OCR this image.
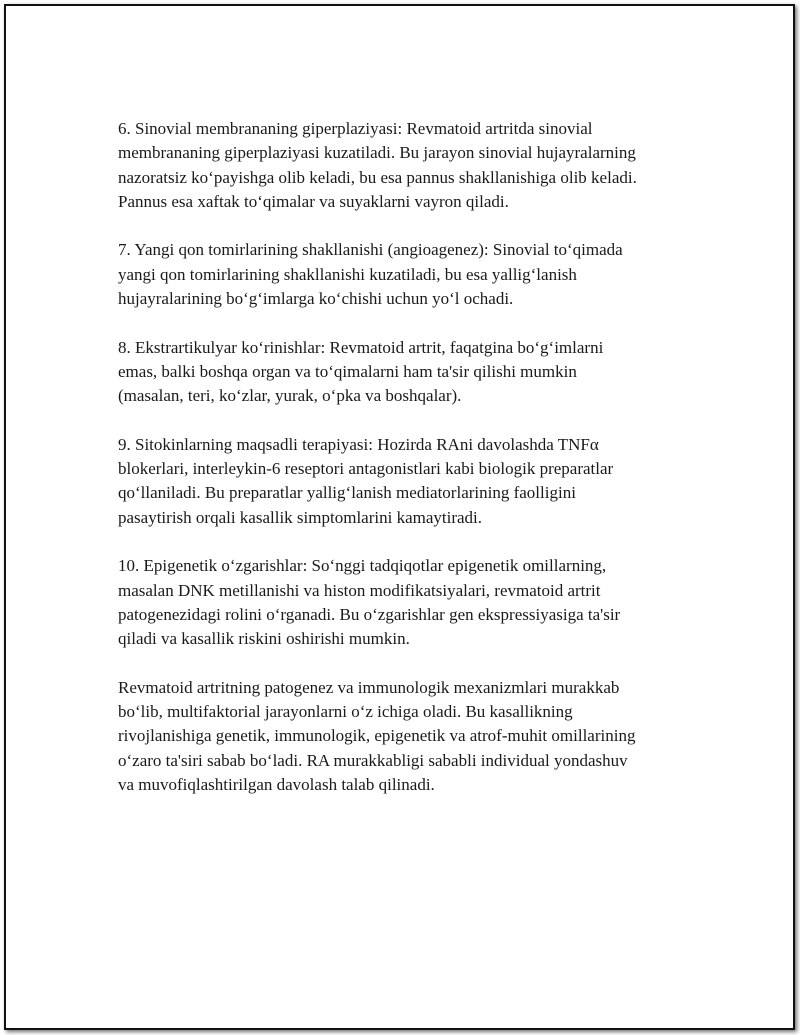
6. Sinovial membrananing giperplaziyasi: Revmatoid artritda sinovial
membrananing giperplaziyasi kuzatiladi. Bu jarayon sinovial hujayralarning
nazoratsiz koʻpayishga olib keladi, bu esa pannus shakllanishiga olib keladi.
Pannus esa xaftak toʻqimalar va suyaklarni vayron qiladi.

7. Yangi qon tomirlarining shakllanishi (angioagenez): Sinovial toʻqimada
yangi qon tomirlarining shakllanishi kuzatiladi, bu esa yalligʻlanish
hujayralarining boʻgʻimlarga koʻchishi uchun yoʻl ochadi.

8. Ekstrartikulyar koʻrinishlar: Revmatoid artrit, faqatgina boʻgʻimlarni
emas, balki boshqa organ va toʻqimalarni ham ta'sir qilishi mumkin
(masalan, teri, koʻzlar, yurak, oʻpka va boshqalar).

9. Sitokinlarning maqsadli terapiyasi: Hozirda RAni davolashda TNFα
blokerlari, interleykin-6 reseptori antagonistlari kabi biologik preparatlar
qoʻllaniladi. Bu preparatlar yalligʻlanish mediatorlarining faolligini
pasaytirish orqali kasallik simptomlarini kamaytiradi.

10. Epigenetik oʻzgarishlar: Soʻnggi tadqiqotlar epigenetik omillarning,
masalan DNK metillanishi va histon modifikatsiyalari, revmatoid artrit
patogenezidagi rolini oʻrganadi. Bu oʻzgarishlar gen ekspressiyasiga ta'sir
qiladi va kasallik riskini oshirishi mumkin.

Revmatoid artritning patogenez va immunologik mexanizmlari murakkab
boʻlib, multifaktorial jarayonlarni oʻz ichiga oladi. Bu kasallikning
rivojlanishiga genetik, immunologik, epigenetik va atrof-muhit omillarining
oʻzaro ta'siri sabab boʻladi. RA murakkabligi sababli individual yondashuv
va muvofiqlashtirilgan davolash talab qilinadi.
